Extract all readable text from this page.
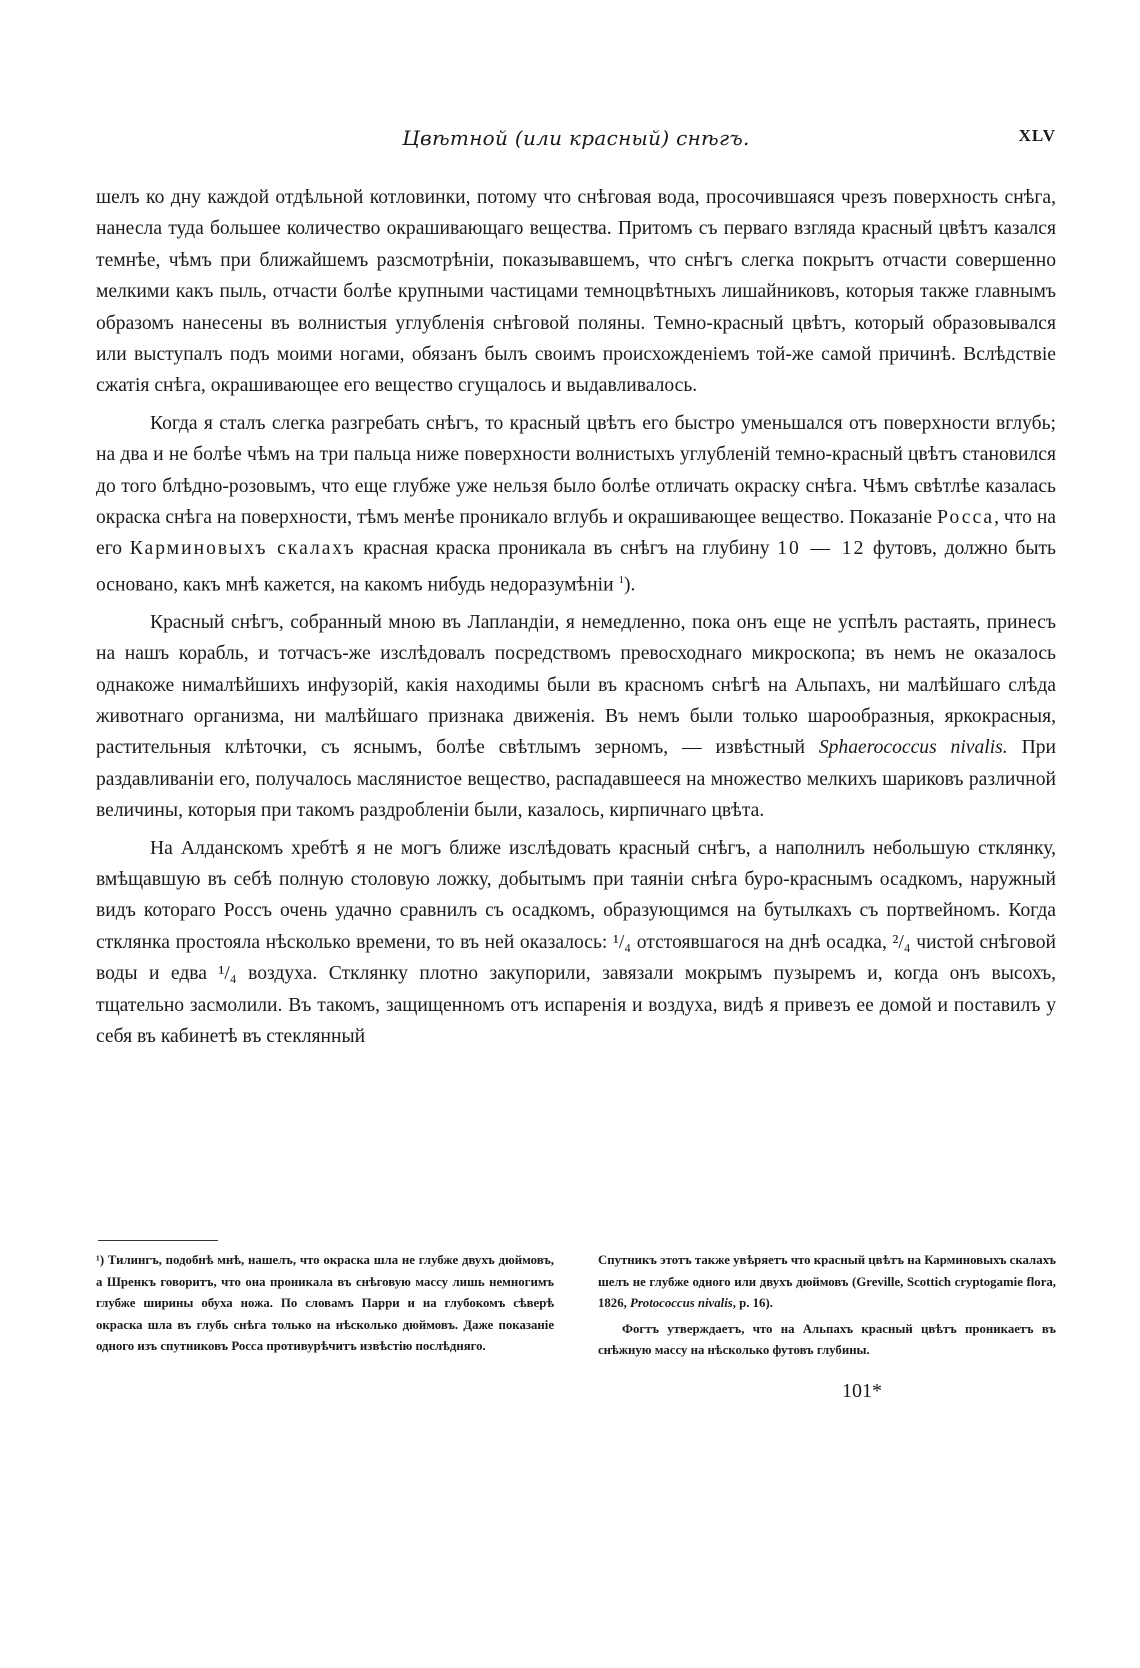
Цвѣтной (или красный) снѣгъ.	XLV

шелъ ко дну каждой отдѣльной котловинки, потому что снѣговая вода, просочившаяся чрезъ поверхность снѣга, нанесла туда большее количество окрашивающаго вещества. Притомъ съ перваго взгляда красный цвѣтъ казался темнѣе, чѣмъ при ближайшемъ разсмотрѣніи, показывавшемъ, что снѣгъ слегка покрытъ отчасти совершенно мелкими какъ пыль, отчасти болѣе крупными частицами темноцвѣтныхъ лишайниковъ, которыя также главнымъ образомъ нанесены въ волнистыя углубленія снѣговой поляны. Темно-красный цвѣтъ, который образовывался или выступалъ подъ моими ногами, обязанъ былъ своимъ происхожденіемъ той-же самой причинѣ. Вслѣдствіе сжатія снѣга, окрашивающее его вещество сгущалось и выдавливалось.

Когда я сталъ слегка разгребать снѣгъ, то красный цвѣтъ его быстро уменьшался отъ поверхности вглубь; на два и не болѣе чѣмъ на три пальца ниже поверхности волнистыхъ углубленій темно-красный цвѣтъ становился до того блѣдно-розовымъ, что еще глубже уже нельзя было болѣе отличать окраску снѣга. Чѣмъ свѣтлѣе казалась окраска снѣга на поверхности, тѣмъ менѣе проникало вглубь и окрашивающее вещество. Показаніе Росса, что на его Карминовыхъ скалахъ красная краска проникала въ снѣгъ на глубину 10 — 12 футовъ, должно быть основано, какъ мнѣ кажется, на какомъ нибудь недоразумѣніи $^1$).

Красный снѣгъ, собранный мною въ Лапландіи, я немедленно, пока онъ еще не успѣлъ растаять, принесъ на нашъ корабль, и тотчасъ-же изслѣдовалъ посредствомъ превосходнаго микроскопа; въ немъ не оказалось однакоже нималѣйшихъ инфузорій, какія находимы были въ красномъ снѣгѣ на Альпахъ, ни малѣйшаго слѣда животнаго организма, ни малѣйшаго признака движенія. Въ немъ были только шарообразныя, яркокрасныя, растительныя клѣточки, съ яснымъ, болѣе свѣтлымъ зерномъ, — извѣстный Sphaerococcus nivalis. При раздавливаніи его, получалось маслянистое вещество, распадавшееся на множество мелкихъ шариковъ различной величины, которыя при такомъ раздробленіи были, казалось, кирпичнаго цвѣта.

На Алданскомъ хребтѣ я не могъ ближе изслѣдовать красный снѣгъ, а наполнилъ небольшую стклянку, вмѣщавшую въ себѣ полную столовую ложку, добытымъ при таяніи снѣга буро-краснымъ осадкомъ, наружный видъ котораго Россъ очень удачно сравнилъ съ осадкомъ, образующимся на бутылкахъ съ портвейномъ. Когда стклянка простояла нѣсколько времени, то въ ней оказалось: ¹/₄ отстоявшагося на днѣ осадка, ²/₄ чистой снѣговой воды и едва ¹/₄ воздуха. Стклянку плотно закупорили, завязали мокрымъ пузыремъ и, когда онъ высохъ, тщательно засмолили. Въ такомъ, защищенномъ отъ испаренія и воздуха, видѣ я привезъ ее домой и поставилъ у себя въ кабинетѣ въ стеклянный

¹) Тилингъ, подобнѣ мнѣ, нашелъ, что окраска шла не глубже двухъ дюймовъ, а Шренкъ говоритъ, что она проникала въ снѣговую массу лишь немногимъ глубже ширины обуха ножа. По словамъ Парри и на глубокомъ сѣверѣ окраска шла въ глубь снѣга только на нѣсколько дюймовъ. Даже показаніе одного изъ спутниковъ Росса противурѣчитъ извѣстію послѣдняго.

Спутникъ этотъ также увѣряетъ что красный цвѣтъ на Карминовыхъ скалахъ шелъ не глубже одного или двухъ дюймовъ (Greville, Scottich cryptogamie flora, 1826, Protococcus nivalis, p. 16).

Фогтъ утверждаетъ, что на Альпахъ красный цвѣтъ проникаетъ въ снѣжную массу на нѣсколько футовъ глубины.

101*
